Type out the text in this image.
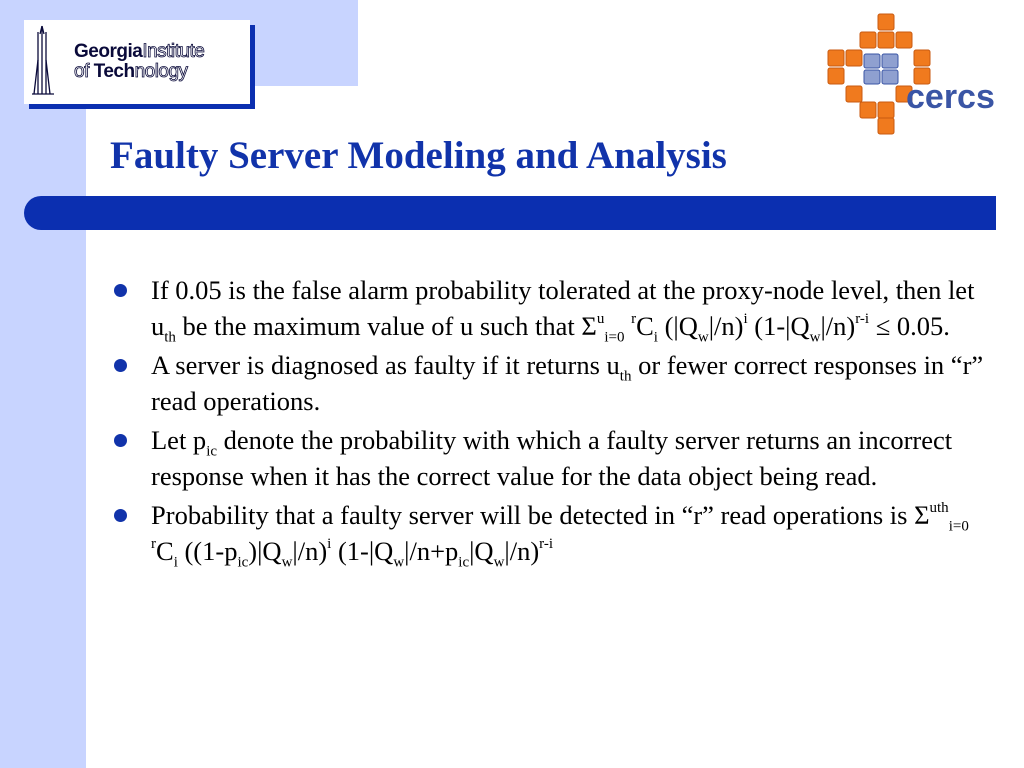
GeorgiaInstitute
of Technology
cercs
Faulty Server Modeling and Analysis
If 0.05 is the false alarm probability tolerated at the proxy-node level, then let $u_{th}$ be the maximum value of u such that $\Sigma^u_{i=0}$ $^rC_i$ $(|Q_w|/n)^i$ $(1-|Q_w|/n)^{r-i} \le 0.05$.
A server is diagnosed as faulty if it returns $u_{th}$ or fewer correct responses in “r” read operations.
Let $p_{ic}$ denote the probability with which a faulty server returns an incorrect response when it has the correct value for the data object being read.
Probability that a faulty server will be detected in “r” read operations is $\Sigma^{uth}_{i=0}$ $^rC_i$ $((1-p_{ic})|Q_w|/n)^i$ $(1-|Q_w|/n+p_{ic}|Q_w|/n)^{r-i}$
